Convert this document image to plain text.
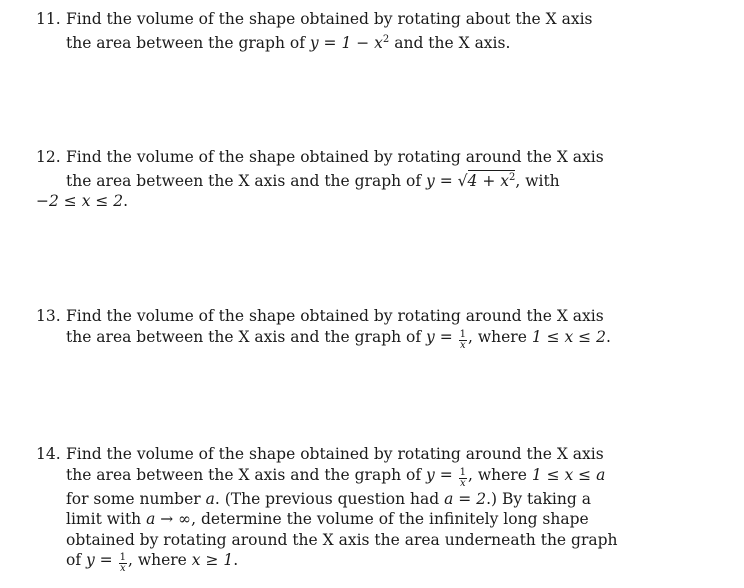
11. Find the volume of the shape obtained by rotating about the X axis
the area between the graph of $y = 1 - x^2$ and the X axis.
12. Find the volume of the shape obtained by rotating around the X axis
the area between the X axis and the graph of $y = √4 + x^2$, with
−2 ≤ x ≤ 2.
13. Find the volume of the shape obtained by rotating around the X axis
the area between the X axis and the graph of $y = \frac{1}{x}$ , where 1 ≤ x ≤ 2.
14. Find the volume of the shape obtained by rotating around the X axis
the area between the X axis and the graph of $y = \frac{1}{x}$ , where 1 ≤ x ≤ a
for some number a. (The previous question had a = 2.) By taking a
limit with a → ∞, determine the volume of the infinitely long shape
obtained by rotating around the X axis the area underneath the graph
of $y = \frac{1}{x}$ , where x ≥ 1.
